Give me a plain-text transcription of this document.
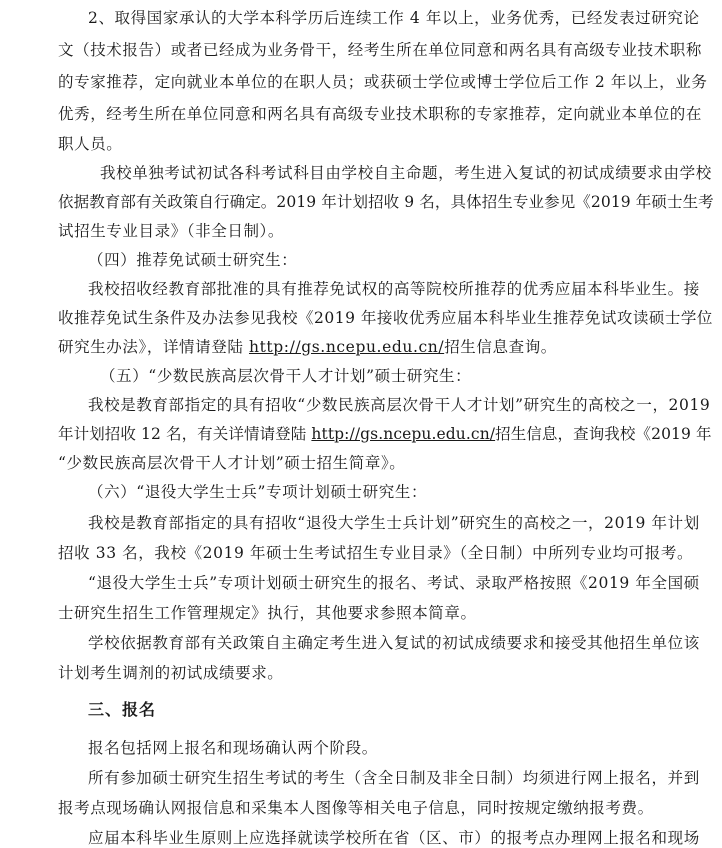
2、取得国家承认的大学本科学历后连续工作 4 年以上，业务优秀，已经发表过研究论
文（技术报告）或者已经成为业务骨干，经考生所在单位同意和两名具有高级专业技术职称
的专家推荐，定向就业本单位的在职人员；或获硕士学位或博士学位后工作 2 年以上，业务
优秀，经考生所在单位同意和两名具有高级专业技术职称的专家推荐，定向就业本单位的在
职人员。
我校单独考试初试各科考试科目由学校自主命题，考生进入复试的初试成绩要求由学校
依据教育部有关政策自行确定。2019 年计划招收 9 名，具体招生专业参见《2019 年硕士生考
试招生专业目录》（非全日制）。
（四）推荐免试硕士研究生：
我校招收经教育部批准的具有推荐免试权的高等院校所推荐的优秀应届本科毕业生。接
收推荐免试生条件及办法参见我校《2019 年接收优秀应届本科毕业生推荐免试攻读硕士学位
研究生办法》，详情请登陆 http://gs.ncepu.edu.cn/招生信息查询。
（五）“少数民族高层次骨干人才计划”硕士研究生：
我校是教育部指定的具有招收“少数民族高层次骨干人才计划”研究生的高校之一，2019
年计划招收 12 名，有关详情请登陆 http://gs.ncepu.edu.cn/招生信息，查询我校《2019 年
“少数民族高层次骨干人才计划”硕士招生简章》。
（六）“退役大学生士兵”专项计划硕士研究生：
我校是教育部指定的具有招收“退役大学生士兵计划”研究生的高校之一，2019 年计划
招收 33 名，我校《2019 年硕士生考试招生专业目录》（全日制）中所列专业均可报考。
“退役大学生士兵”专项计划硕士研究生的报名、考试、录取严格按照《2019 年全国硕
士研究生招生工作管理规定》执行，其他要求参照本简章。
学校依据教育部有关政策自主确定考生进入复试的初试成绩要求和接受其他招生单位该
计划考生调剂的初试成绩要求。
三、报名
报名包括网上报名和现场确认两个阶段。
所有参加硕士研究生招生考试的考生（含全日制及非全日制）均须进行网上报名，并到
报考点现场确认网报信息和采集本人图像等相关电子信息，同时按规定缴纳报考费。
应届本科毕业生原则上应选择就读学校所在省（区、市）的报考点办理网上报名和现场
